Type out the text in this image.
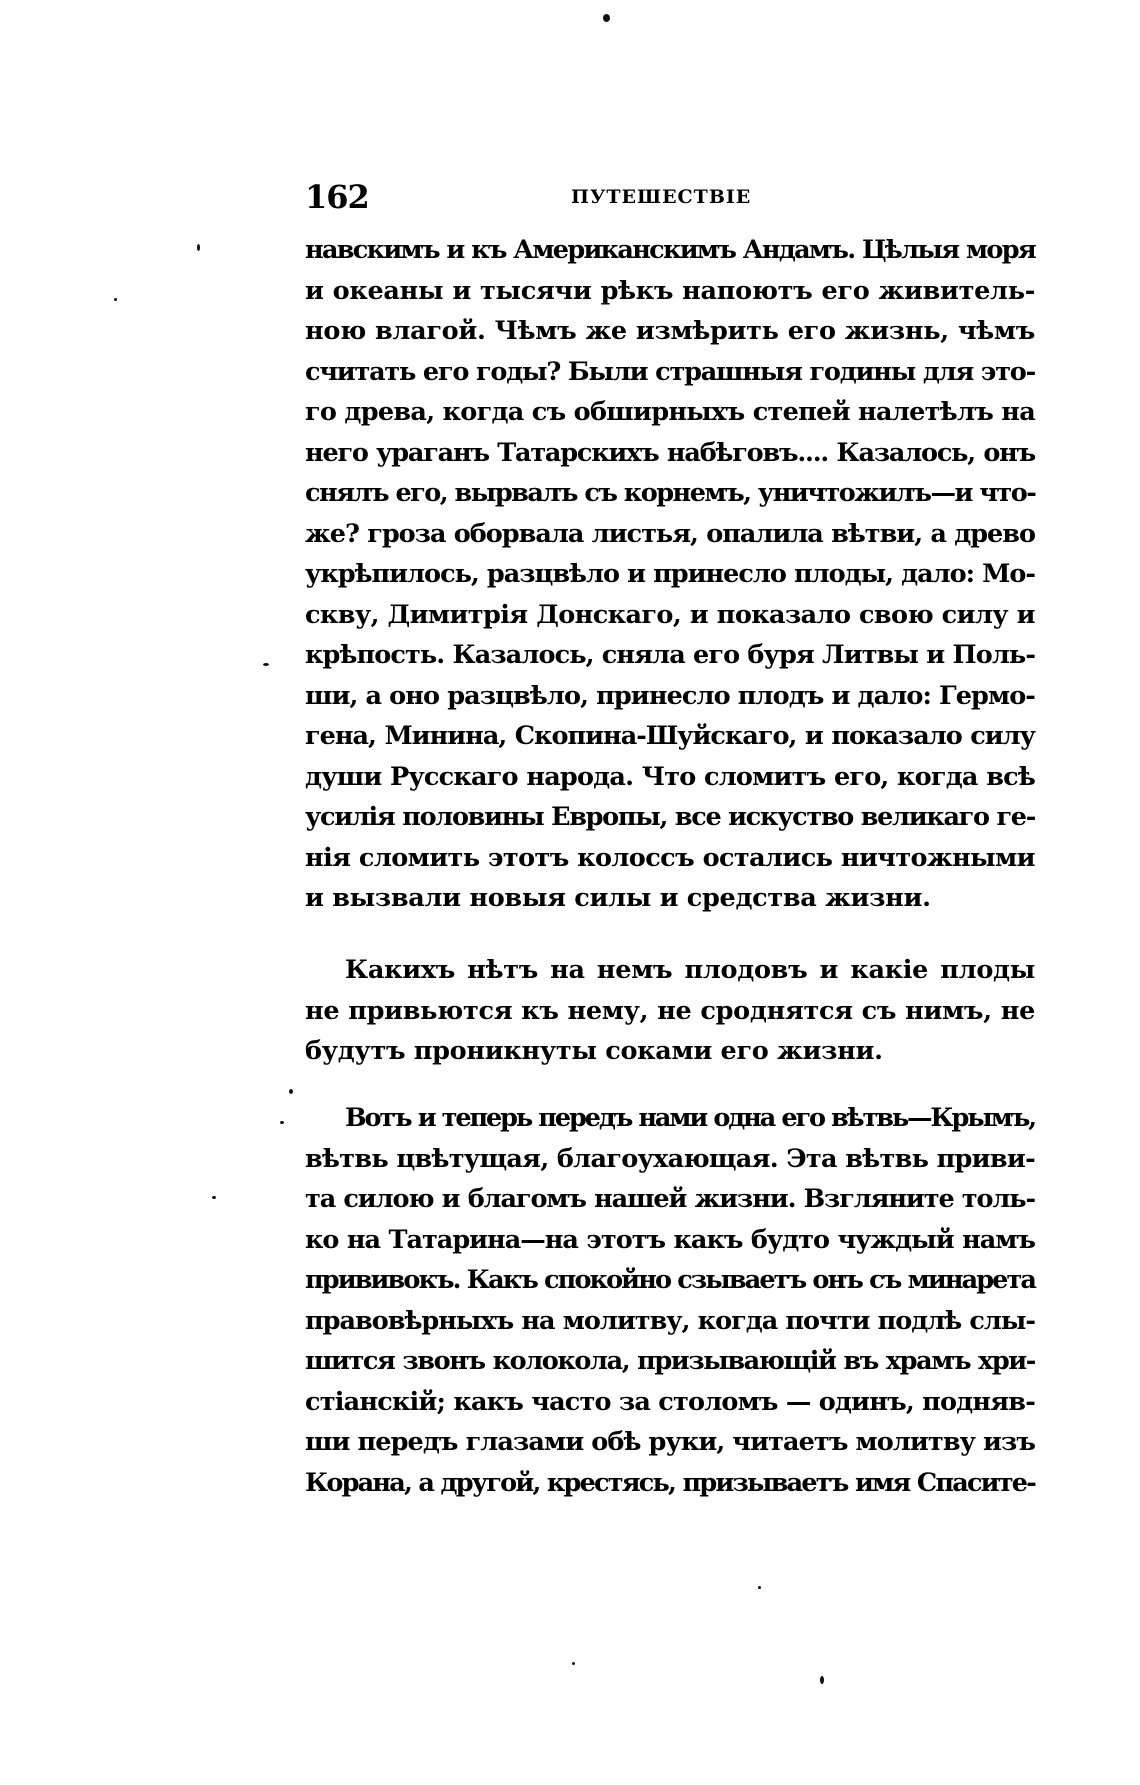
162	ПУТЕШЕСТВІЕ
навскимъ и къ Американскимъ Андамъ. Цѣлыя моря
и океаны и тысячи рѣкъ напоютъ его живитель-
ною влагой. Чѣмъ же измѣрить его жизнь, чѣмъ
считать его годы? Были страшныя годины для это-
го древа, когда съ обширныхъ степей налетѣлъ на
него ураганъ Татарскихъ набѣговъ.... Казалось, онъ
снялъ его, вырвалъ съ корнемъ, уничтожилъ—и что-
же? гроза оборвала листья, опалила вѣтви, а древо
укрѣпилось, разцвѣло и принесло плоды, дало: Мо-
скву, Димитрія Донскаго, и показало свою силу и
крѣпость. Казалось, сняла его буря Литвы и Поль-
ши, а оно разцвѣло, принесло плодъ и дало: Гермо-
гена, Минина, Скопина-Шуйскаго, и показало силу
души Русскаго народа. Что сломитъ его, когда всѣ
усилія половины Европы, все искуство великаго ге-
нія сломить этотъ колоссъ остались ничтожными
и вызвали новыя силы и средства жизни.
Какихъ нѣтъ на немъ плодовъ и какіе плоды
не привьются къ нему, не сроднятся съ нимъ, не
будутъ проникнуты соками его жизни.
Вотъ и теперь передъ нами одна его вѣтвь—Крымъ,
вѣтвь цвѣтущая, благоухающая. Эта вѣтвь приви-
та силою и благомъ нашей жизни. Взгляните толь-
ко на Татарина—на этотъ какъ будто чуждый намъ
прививокъ. Какъ спокойно сзываетъ онъ съ минарета
правовѣрныхъ на молитву, когда почти подлѣ слы-
шится звонъ колокола, призывающій въ храмъ хри-
стіанскій; какъ часто за столомъ — одинъ, подняв-
ши передъ глазами обѣ руки, читаетъ молитву изъ
Корана, а другой, крестясь, призываетъ имя Спасите-
